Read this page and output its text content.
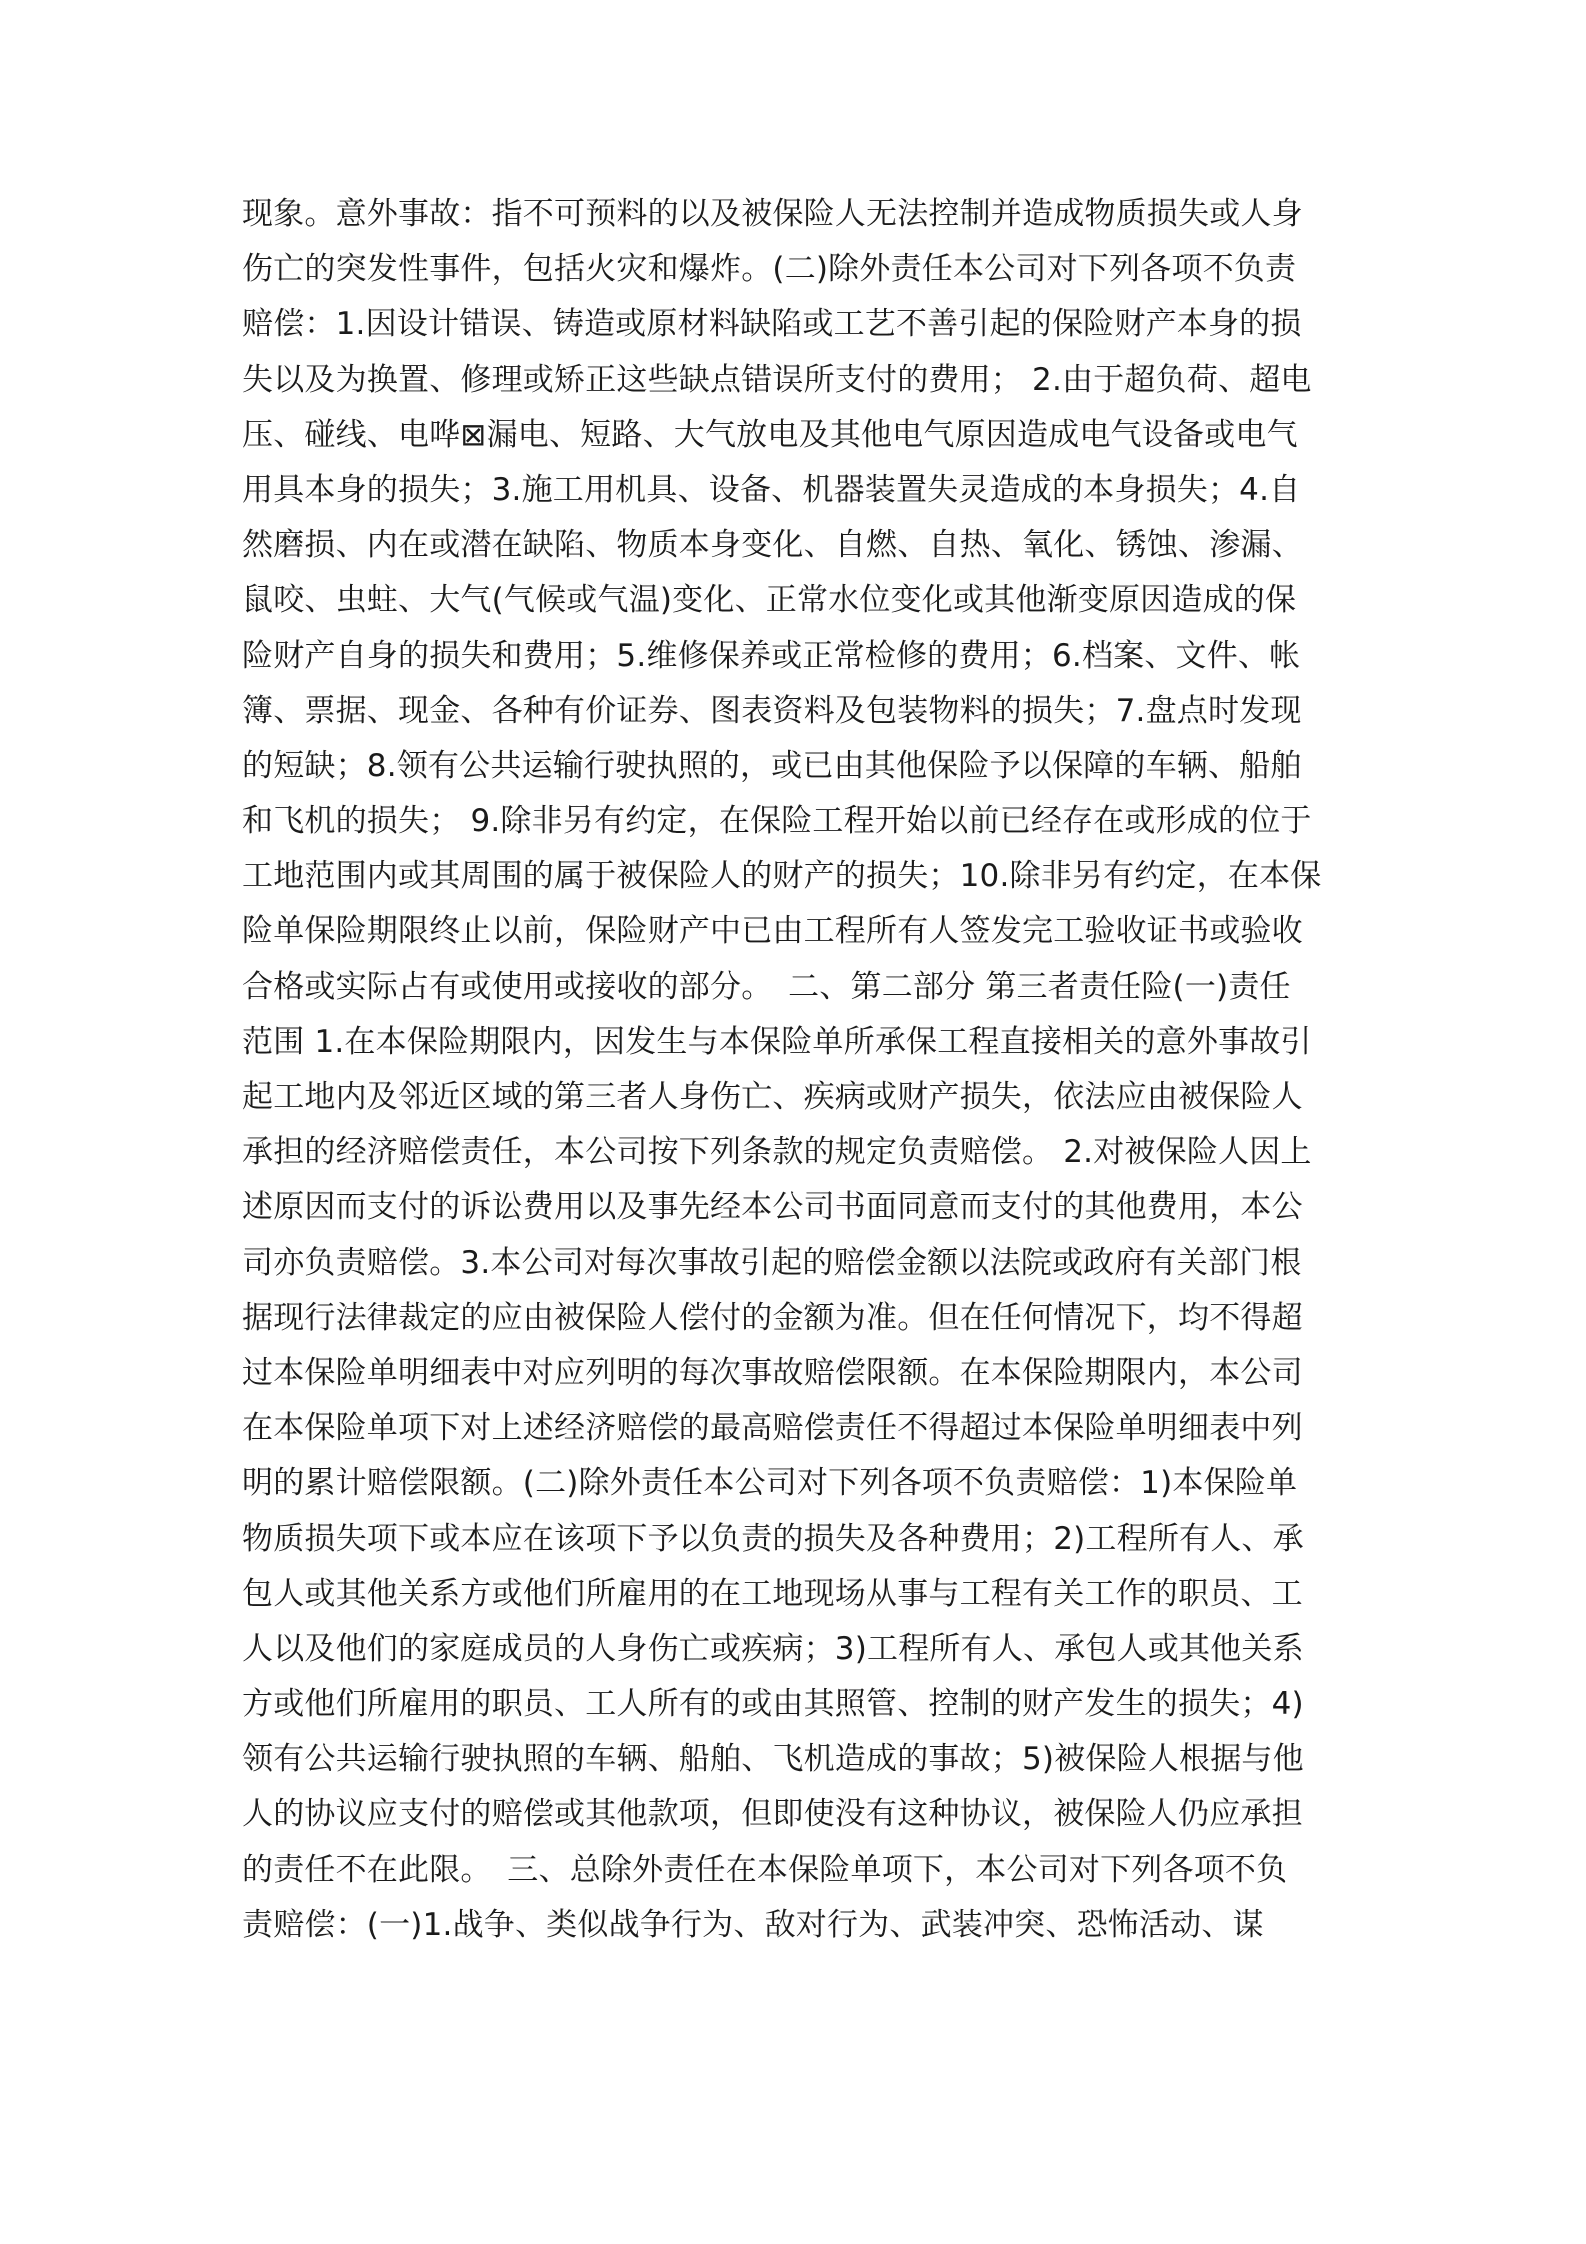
现象。意外事故：指不可预料的以及被保险人无法控制并造成物质损失或人身
伤亡的突发性事件，包括火灾和爆炸。(二)除外责任本公司对下列各项不负责
赔偿：1.因设计错误、铸造或原材料缺陷或工艺不善引起的保险财产本身的损
失以及为换置、修理或矫正这些缺点错误所支付的费用； 2.由于超负荷、超电
压、碰线、电哗⊠漏电、短路、大气放电及其他电气原因造成电气设备或电气
用具本身的损失；3.施工用机具、设备、机器装置失灵造成的本身损失；4.自
然磨损、内在或潜在缺陷、物质本身变化、自燃、自热、氧化、锈蚀、渗漏、
鼠咬、虫蛀、大气(气候或气温)变化、正常水位变化或其他渐变原因造成的保
险财产自身的损失和费用；5.维修保养或正常检修的费用；6.档案、文件、帐
簿、票据、现金、各种有价证券、图表资料及包装物料的损失；7.盘点时发现
的短缺；8.领有公共运输行驶执照的，或已由其他保险予以保障的车辆、船舶
和飞机的损失； 9.除非另有约定，在保险工程开始以前已经存在或形成的位于
工地范围内或其周围的属于被保险人的财产的损失；10.除非另有约定，在本保
险单保险期限终止以前，保险财产中已由工程所有人签发完工验收证书或验收
合格或实际占有或使用或接收的部分。　二、第二部分 第三者责任险(一)责任
范围 1.在本保险期限内，因发生与本保险单所承保工程直接相关的意外事故引
起工地内及邻近区域的第三者人身伤亡、疾病或财产损失，依法应由被保险人
承担的经济赔偿责任，本公司按下列条款的规定负责赔偿。 2.对被保险人因上
述原因而支付的诉讼费用以及事先经本公司书面同意而支付的其他费用，本公
司亦负责赔偿。3.本公司对每次事故引起的赔偿金额以法院或政府有关部门根
据现行法律裁定的应由被保险人偿付的金额为准。但在任何情况下，均不得超
过本保险单明细表中对应列明的每次事故赔偿限额。在本保险期限内，本公司
在本保险单项下对上述经济赔偿的最高赔偿责任不得超过本保险单明细表中列
明的累计赔偿限额。(二)除外责任本公司对下列各项不负责赔偿：1)本保险单
物质损失项下或本应在该项下予以负责的损失及各种费用；2)工程所有人、承
包人或其他关系方或他们所雇用的在工地现场从事与工程有关工作的职员、工
人以及他们的家庭成员的人身伤亡或疾病；3)工程所有人、承包人或其他关系
方或他们所雇用的职员、工人所有的或由其照管、控制的财产发生的损失；4)
领有公共运输行驶执照的车辆、船舶、飞机造成的事故；5)被保险人根据与他
人的协议应支付的赔偿或其他款项，但即使没有这种协议，被保险人仍应承担
的责任不在此限。　三、总除外责任在本保险单项下，本公司对下列各项不负
责赔偿：(一)1.战争、类似战争行为、敌对行为、武装冲突、恐怖活动、谋
